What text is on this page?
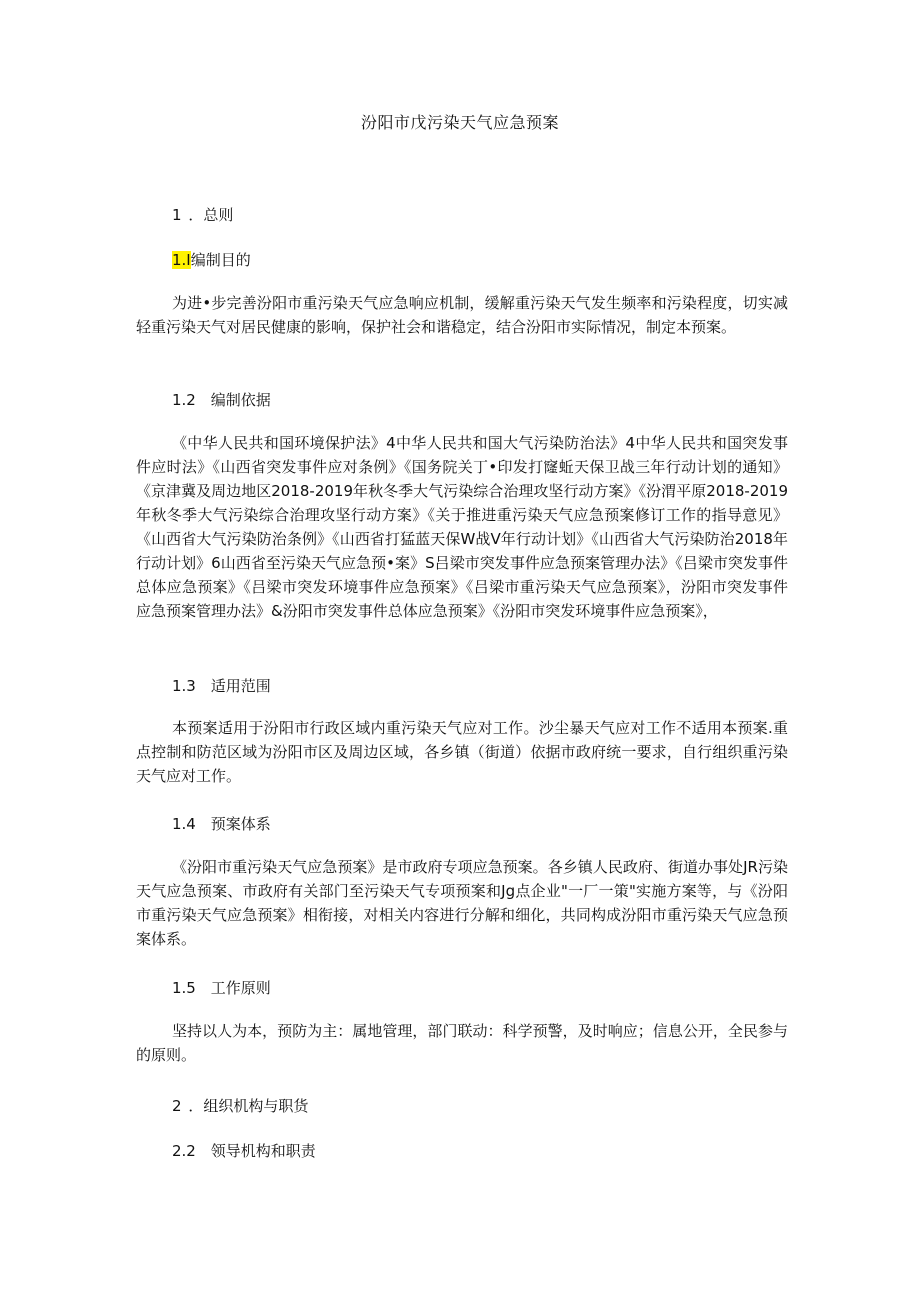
汾阳市戊污染天气应急预案
1 ．总则
1.I编制目的

为进•步完善汾阳市重污染天气应急响应机制，缓解重污染天气发生频率和污染程度，切实减轻重污染天气对居民健康的影响，保护社会和谐稳定，结合汾阳市实际情况，制定本预案。

1.2 编制依据

《中华人民共和国环境保护法》4中华人民共和国大气污染防治法》4中华人民共和国突发事件应时法》《山西省突发事件应对条例》《国务院关丁•印发打窿蚯天保卫战三年行动计划的通知》《京津冀及周边地区2018-2019年秋冬季大气污染综合治理攻坚行动方案》《汾渭平原2018-2019年秋冬季大气污染综合治理攻坚行动方案》《关于推进重污染天气应急预案修订工作的指导意见》《山西省大气污染防治条例》《山西省打猛蓝天保W战V年行动计划》《山西省大气污染防治2018年行动计划》6山西省至污染天气应急预•案》S吕梁市突发事件应急预案管理办法》《吕梁市突发事件总体应急预案》《吕梁市突发环境事件应急预案》《吕梁市重污染天气应急预案》，汾阳市突发事件应急预案管理办法》&汾阳市突发事件总体应急预案》《汾阳市突发环境事件应急预案》，

1.3 适用范围

本预案适用于汾阳市行政区域内重污染天气应对工作。沙尘暴天气应对工作不适用本预案.重点控制和防范区域为汾阳市区及周边区域，各乡镇（街道）依据市政府统一要求，自行组织重污染天气应对工作。

1.4 预案体系

《汾阳市重污染天气应急预案》是市政府专项应急预案。各乡镇人民政府、街道办事处JR污染天气应急预案、市政府有关部门至污染天气专项预案和Jg点企业"一厂一策"实施方案等，与《汾阳市重污染天气应急预案》相衔接，对相关内容进行分解和细化，共同构成汾阳市重污染天气应急预案体系。

1.5 工作原则

坚持以人为本，预防为主：属地管理，部门联动：科学预警，及时响应；信息公开，全民参与的原则。

2 ．组织机构与职货
2.2 领导机构和职责
